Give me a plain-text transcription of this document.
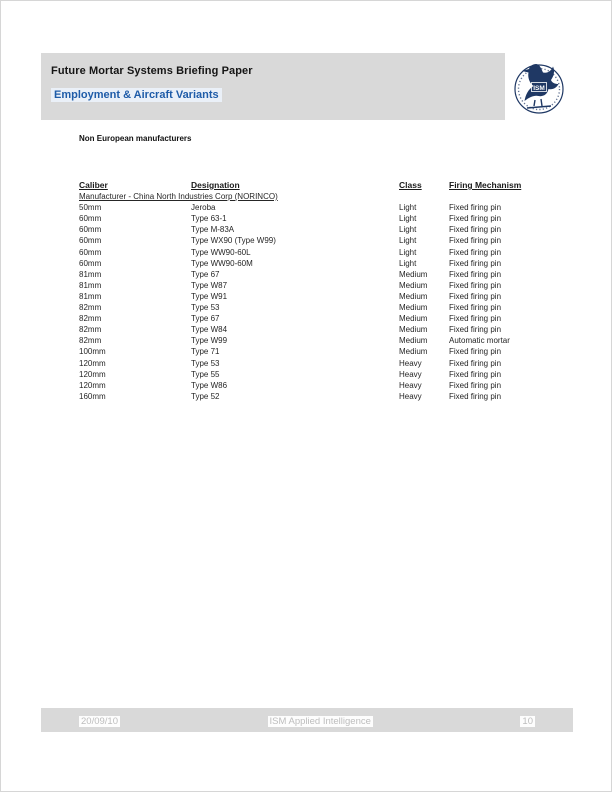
Future Mortar Systems Briefing Paper
Employment & Aircraft Variants
ISM
Non European manufacturers
Caliber	Designation	Class	Firing Mechanism
Manufacturer - China North Industries Corp (NORINCO)
50mm	Jeroba	Light	Fixed firing pin
60mm	Type 63-1	Light	Fixed firing pin
60mm	Type M-83A	Light	Fixed firing pin
60mm	Type WX90 (Type W99)	Light	Fixed firing pin
60mm	Type WW90-60L	Light	Fixed firing pin
60mm	Type WW90-60M	Light	Fixed firing pin
81mm	Type 67	Medium	Fixed firing pin
81mm	Type W87	Medium	Fixed firing pin
81mm	Type W91	Medium	Fixed firing pin
82mm	Type 53	Medium	Fixed firing pin
82mm	Type 67	Medium	Fixed firing pin
82mm	Type W84	Medium	Fixed firing pin
82mm	Type W99	Medium	Automatic mortar
100mm	Type 71	Medium	Fixed firing pin
120mm	Type 53	Heavy	Fixed firing pin
120mm	Type 55	Heavy	Fixed firing pin
120mm	Type W86	Heavy	Fixed firing pin
160mm	Type 52	Heavy	Fixed firing pin
20/09/10	ISM Applied Intelligence	10
